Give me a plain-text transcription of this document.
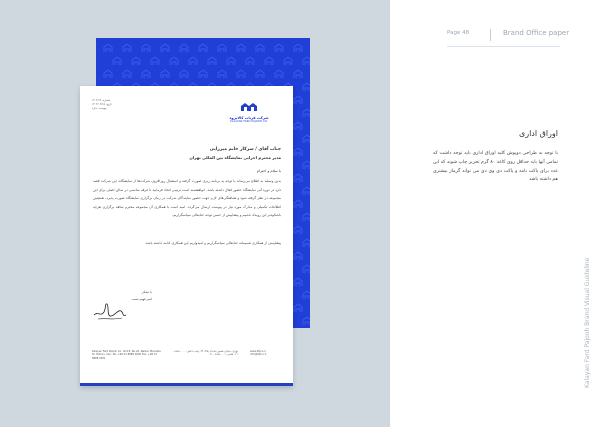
شرکت فرتاب کالاپژوه
KALAYAN FARD PAJOOH CO.
شماره: ۱۴۰۳/۱۲
تاریخ: ۱۴۰۳/۰۲/۱۵
پیوست: ندارد
جناب آقای / سرکار خانم میرزایی
مدیر محترم اجرایی نمایشگاه بین المللی تهران
با سلام و احترام
بدین وسیله به اطلاع می‌رساند با توجه به برنامه ریزی صورت گرفته و استقبال روزافزون شرکت‌ها از نمایشگاه، این شرکت قصد دارد در دوره آتی نمایشگاه حضور فعال داشته باشد. خواهشمند است ترتیبی اتخاذ فرمایید تا غرفه مناسبی در سالن اصلی برای این مجموعه در نظر گرفته شود و هماهنگی‌های لازم جهت حضور نمایندگان شرکت در زمان برگزاری نمایشگاه صورت پذیرد. همچنین اطلاعات تکمیلی و مدارک مورد نیاز در پیوست ارسال می‌گردد. امید است با همکاری آن مجموعه محترم شاهد برگزاری هرچه باشکوه‌تر این رویداد باشیم و پیشاپیش از حسن توجه جنابعالی سپاسگزاریم.
پیشاپیش از همکاری صمیمانه جنابعالی سپاسگزاریم و امیدواریم این همکاری ادامه داشته باشد.
با تشکر
امیر فهیم نسب
Kalayan Fard Pajooh Co. Unit 8, No.24, Nelson Mandela St. Tehran, Iran. Tel: +98 21 8888 0000 Fax: +98 21 8888 0001
تهران، خیابان نلسون ماندلا، پلاک ۲۴، واحد ۸ تلفن: ۸۸۸۸۰۰۰۰ - ۰۲۱ فکس: ۸۸۸۸۰۰۰۱ - ۰۲۱
www.kfpco.ir info@kfpco.ir
Page 48	Brand Office paper
اوراق اداری
با توجه به طراحی دوپوش کلیه اوراق اداری باید توجه داشت که تمامی آنها باید حداقل روی کاغذ ۸۰ گرم تحریر چاپ شوند که این عدد برای پاکت نامه و پاکت دی وی دی می تواند گرماژ بیشتری هم داشته باشد
Kalayan Fard Pajooh Brand Visual Guideline
